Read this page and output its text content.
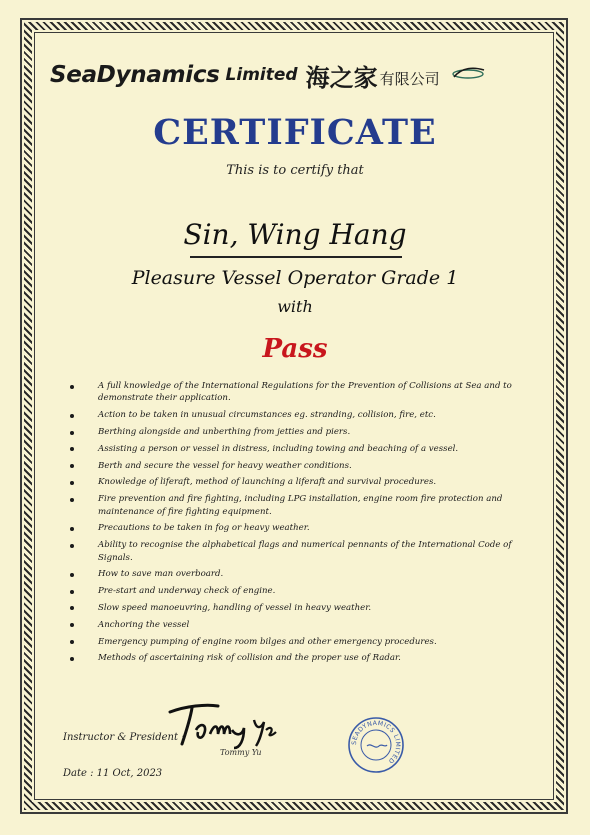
SeaDynamics Limited 海之家 有限公司
CERTIFICATE
This is to certify that
Sin, Wing Hang
Pleasure Vessel Operator Grade 1
with
Pass
A full knowledge of the International Regulations for the Prevention of Collisions at Sea and to demonstrate their application.
Action to be taken in unusual circumstances eg. stranding, collision, fire, etc.
Berthing alongside and unberthing from jetties and piers.
Assisting a person or vessel in distress, including towing and beaching of a vessel.
Berth and secure the vessel for heavy weather conditions.
Knowledge of liferaft, method of launching a liferaft and survival procedures.
Fire prevention and fire fighting, including LPG installation, engine room fire protection and maintenance of fire fighting equipment.
Precautions to be taken in fog or heavy weather.
Ability to recognise the alphabetical flags and numerical pennants of the International Code of Signals.
How to save man overboard.
Pre-start and underway check of engine.
Slow speed manoeuvring, handling of vessel in heavy weather.
Anchoring the vessel
Emergency pumping of engine room bilges and other emergency procedures.
Methods of ascertaining risk of collision and the proper use of Radar.
Instructor & President :
Tommy Yu
Date : 11 Oct, 2023
SEADYNAMICS LIMITED
